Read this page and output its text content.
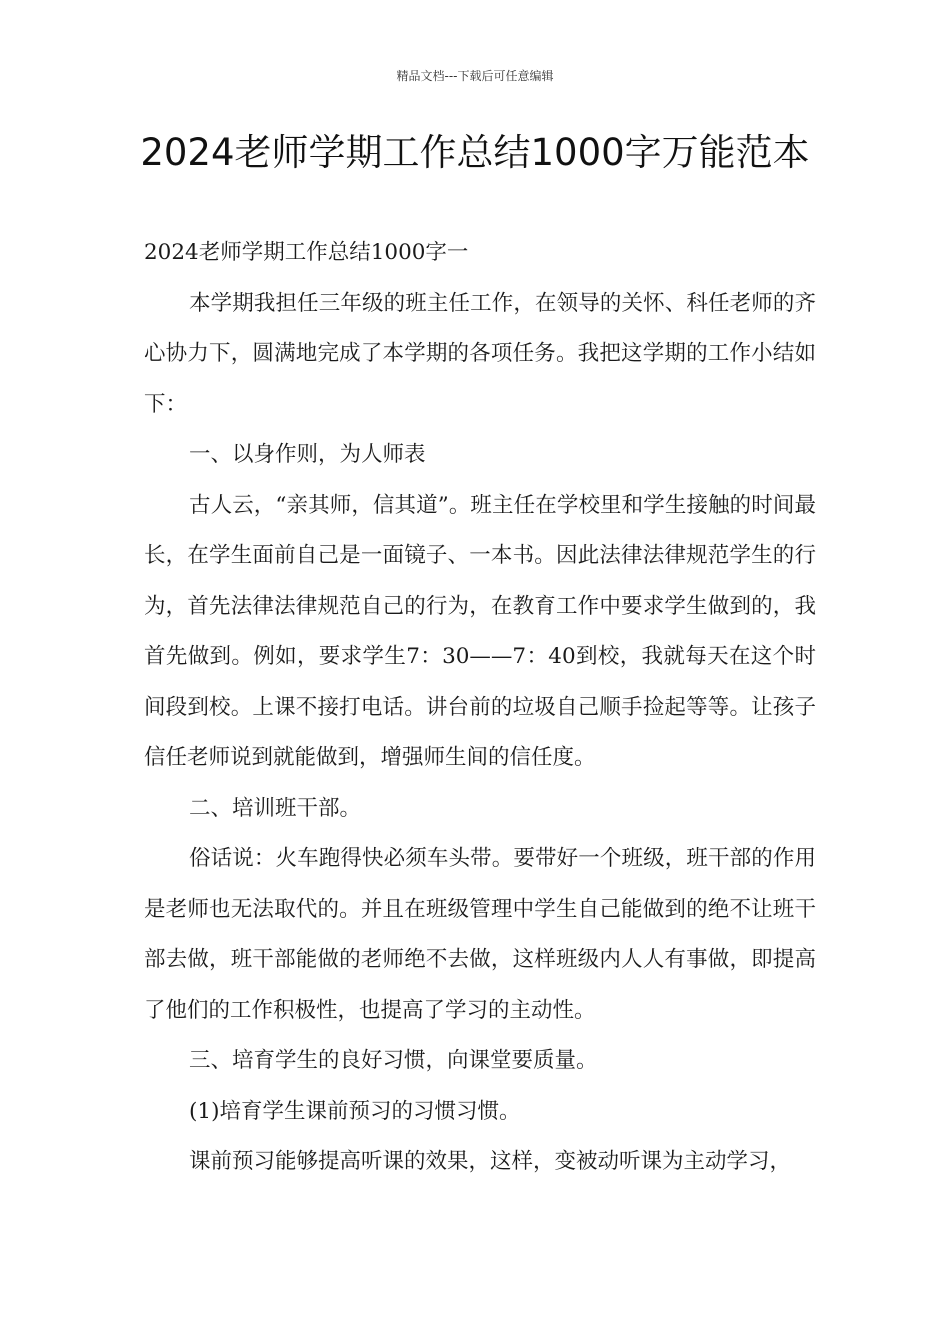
精品文档---下载后可任意编辑
2024老师学期工作总结1000字万能范本

2024老师学期工作总结1000字一

本学期我担任三年级的班主任工作，在领导的关怀、科任老师的齐心协力下，圆满地完成了本学期的各项任务。我把这学期的工作小结如下：

一、以身作则，为人师表

古人云，“亲其师，信其道”。班主任在学校里和学生接触的时间最长，在学生面前自己是一面镜子、一本书。因此法律法律规范学生的行为，首先法律法律规范自己的行为，在教育工作中要求学生做到的，我首先做到。例如，要求学生7：30——7：40到校，我就每天在这个时间段到校。上课不接打电话。讲台前的垃圾自己顺手捡起等等。让孩子信任老师说到就能做到，增强师生间的信任度。

二、培训班干部。

俗话说：火车跑得快必须车头带。要带好一个班级，班干部的作用是老师也无法取代的。并且在班级管理中学生自己能做到的绝不让班干部去做，班干部能做的老师绝不去做，这样班级内人人有事做，即提高了他们的工作积极性，也提高了学习的主动性。

三、培育学生的良好习惯，向课堂要质量。

(1)培育学生课前预习的习惯习惯。

课前预习能够提高听课的效果，这样，变被动听课为主动学习，
